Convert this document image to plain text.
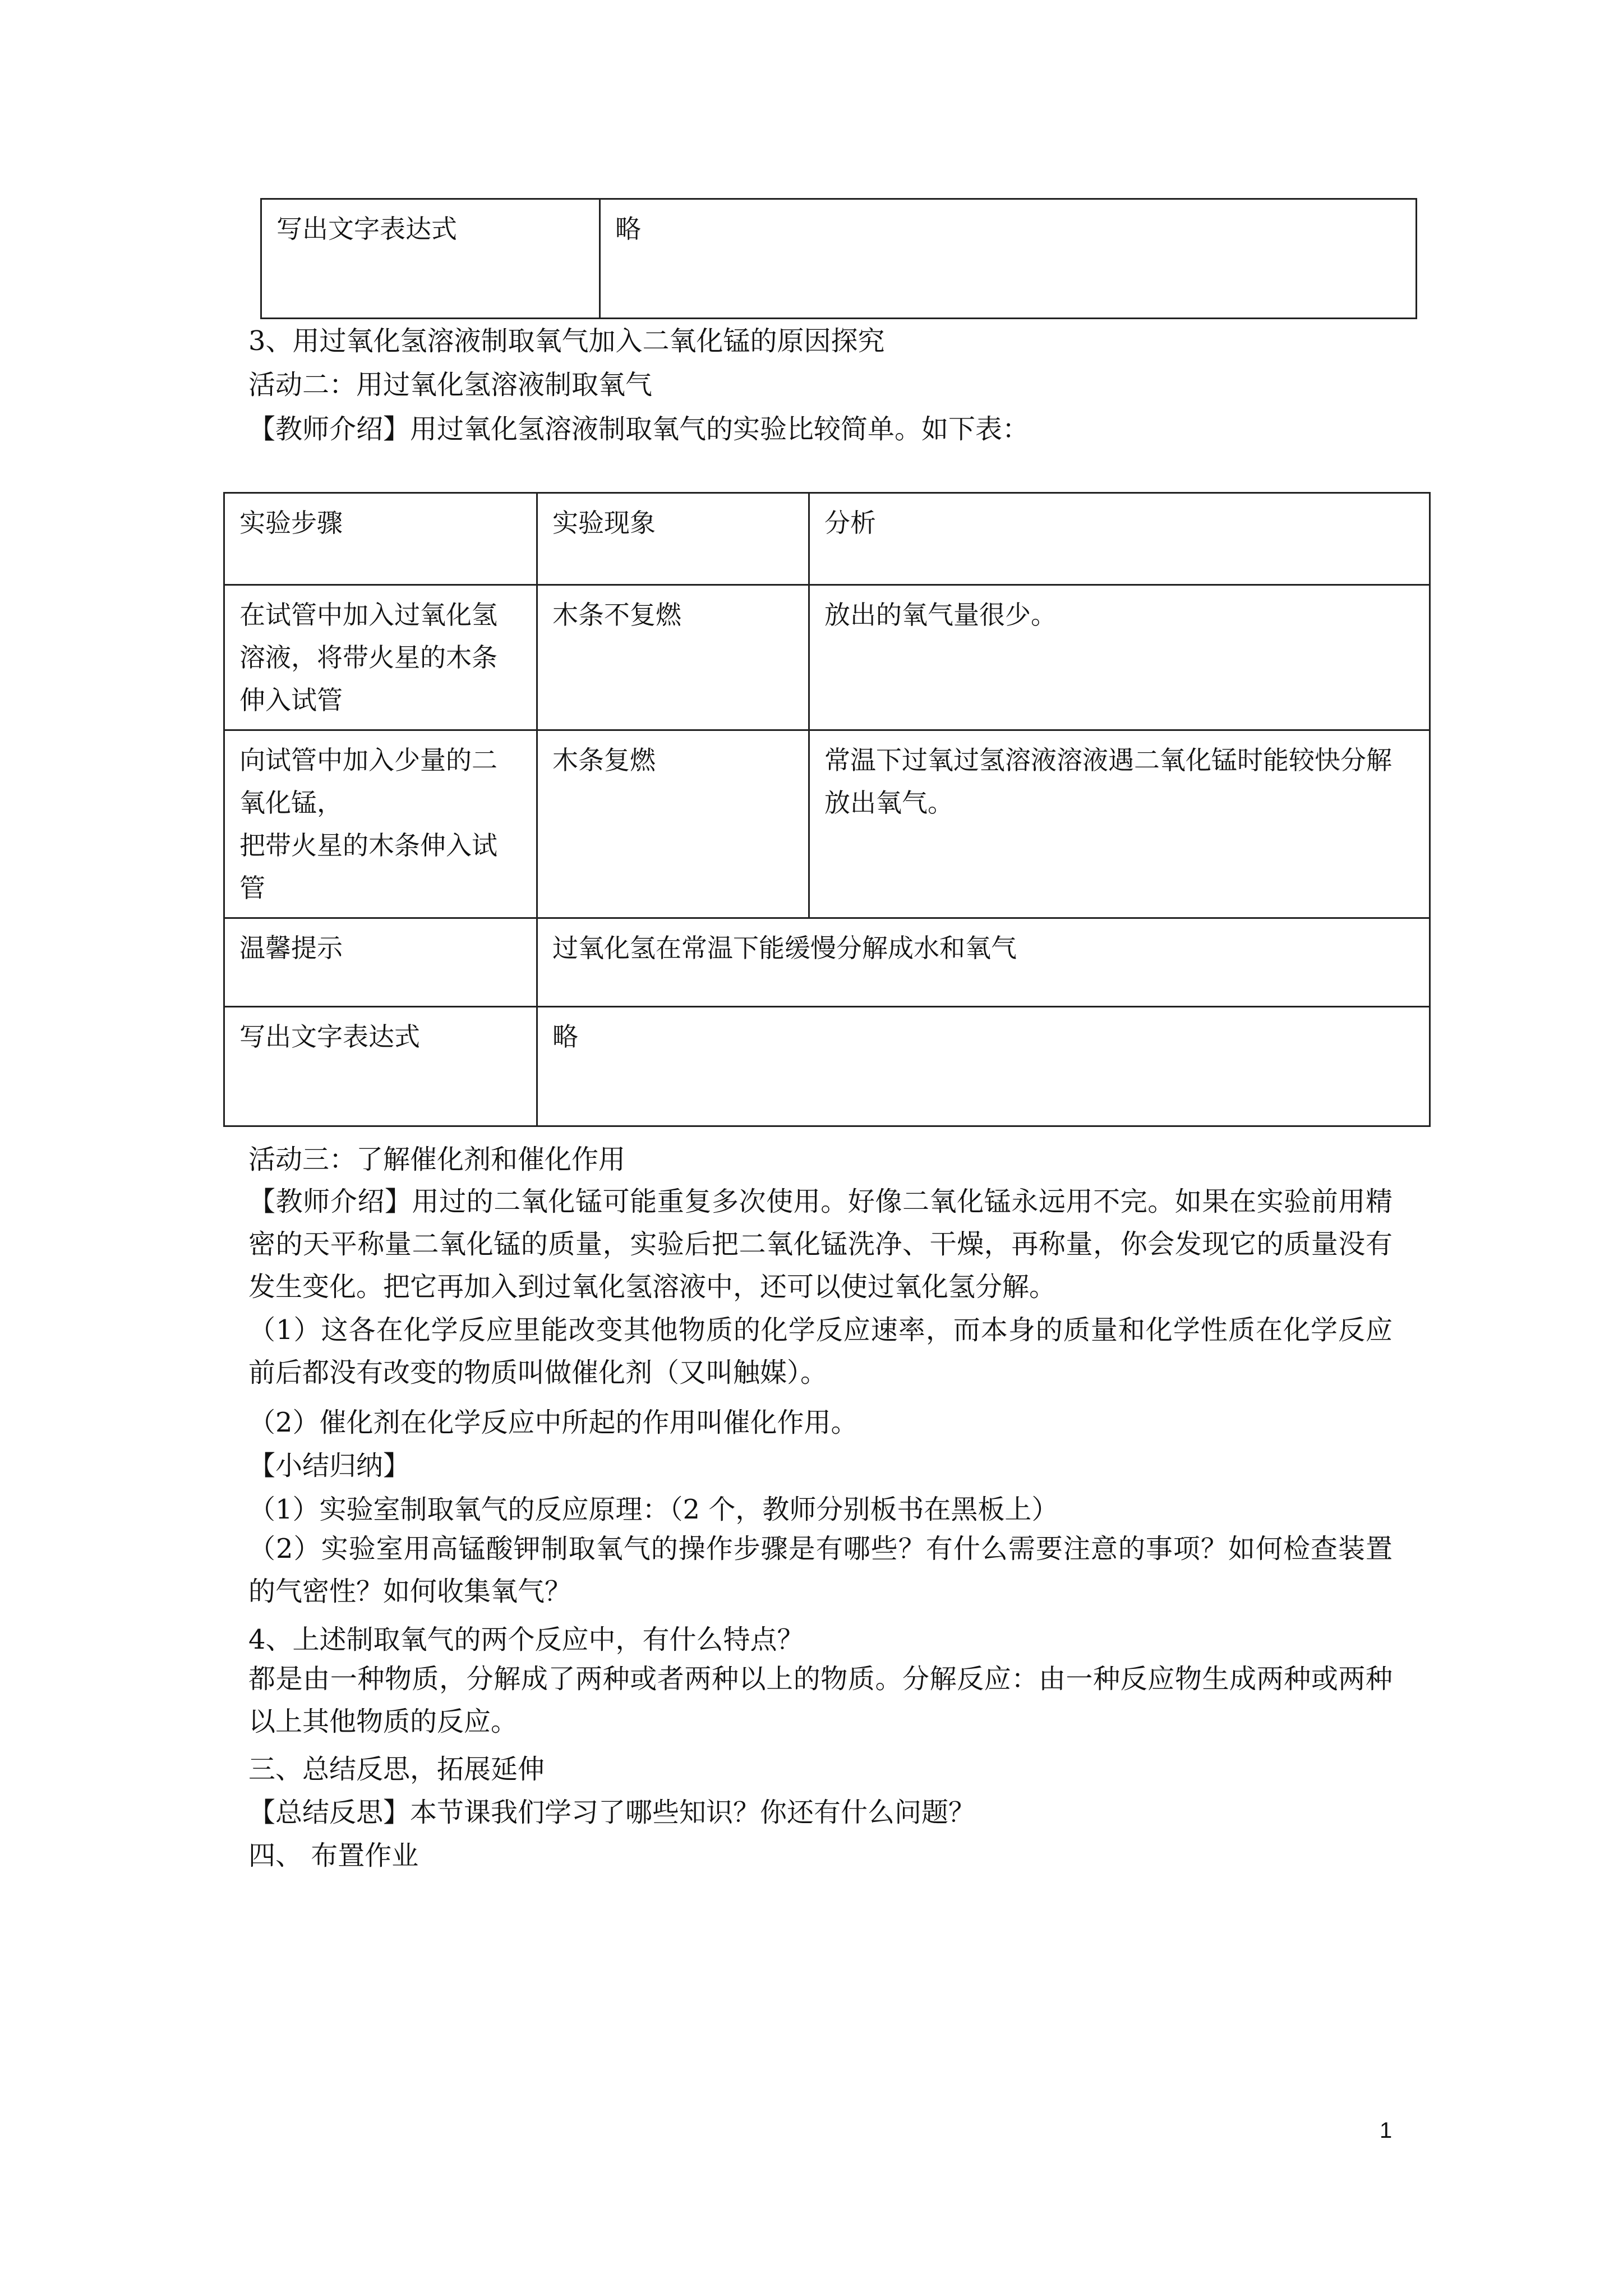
写出文字表达式	略
3、用过氧化氢溶液制取氧气加入二氧化锰的原因探究
活动二：用过氧化氢溶液制取氧气
【教师介绍】用过氧化氢溶液制取氧气的实验比较简单。如下表：
实验步骤	实验现象	分析
在试管中加入过氧化氢溶液，将带火星的木条伸入试管	木条不复燃	放出的氧气量很少。
向试管中加入少量的二氧化锰，
把带火星的木条伸入试管	木条复燃	常温下过氧过氢溶液溶液遇二氧化锰时能较快分解放出氧气。
温馨提示	过氧化氢在常温下能缓慢分解成水和氧气	
写出文字表达式	略	
活动三：了解催化剂和催化作用
【教师介绍】用过的二氧化锰可能重复多次使用。好像二氧化锰永远用不完。如果在实验前用精密的天平称量二氧化锰的质量，实验后把二氧化锰洗净、干燥，再称量，你会发现它的质量没有发生变化。把它再加入到过氧化氢溶液中，还可以使过氧化氢分解。
（1）这各在化学反应里能改变其他物质的化学反应速率，而本身的质量和化学性质在化学反应前后都没有改变的物质叫做催化剂（又叫触媒）。
（2）催化剂在化学反应中所起的作用叫催化作用。
【小结归纳】
（1）实验室制取氧气的反应原理：（2 个，教师分别板书在黑板上）
（2）实验室用高锰酸钾制取氧气的操作步骤是有哪些？有什么需要注意的事项？如何检查装置的气密性？如何收集氧气？
4、上述制取氧气的两个反应中，有什么特点？
都是由一种物质，分解成了两种或者两种以上的物质。分解反应：由一种反应物生成两种或两种以上其他物质的反应。
三、总结反思，拓展延伸
【总结反思】本节课我们学习了哪些知识？你还有什么问题？
四、 布置作业
1
